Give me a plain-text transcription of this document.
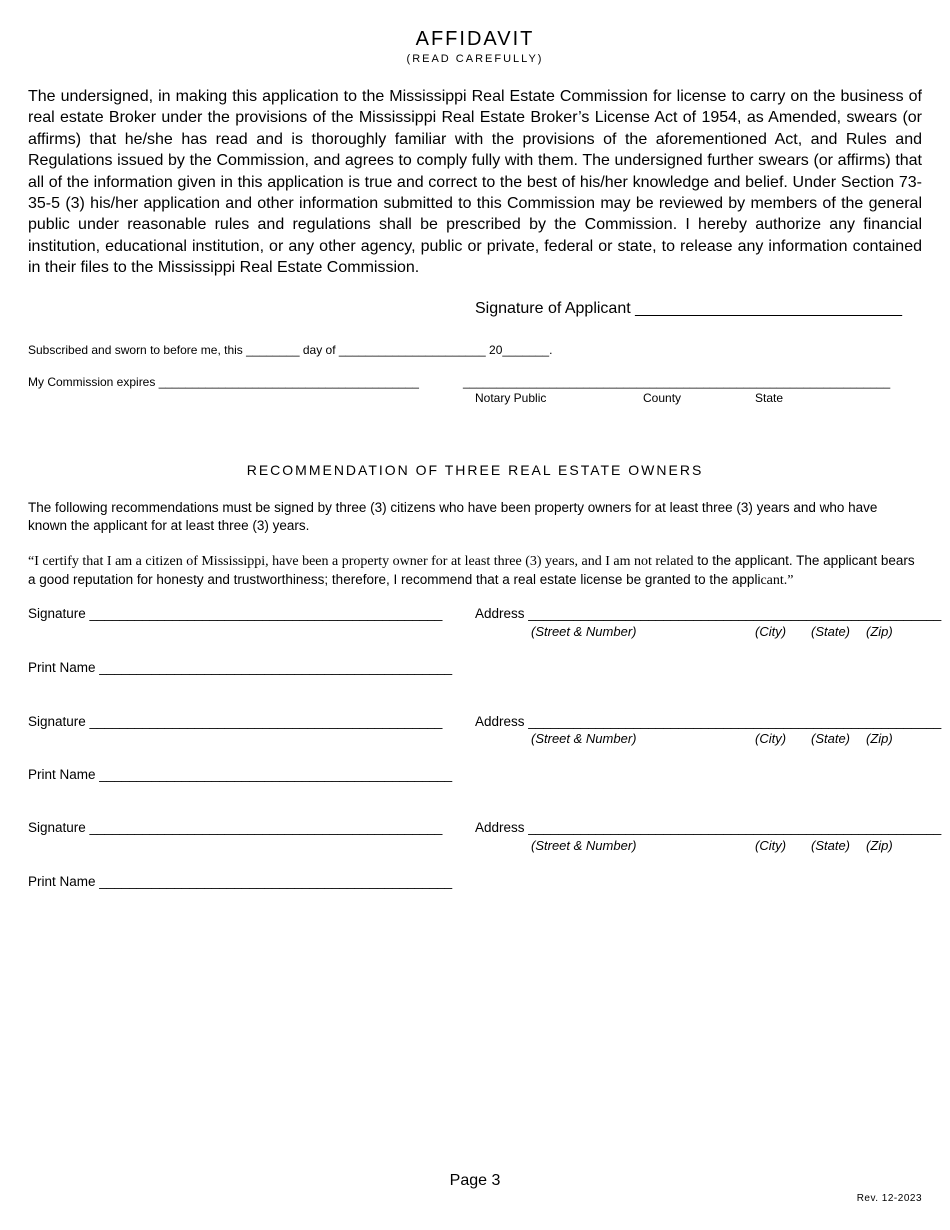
AFFIDAVIT
(READ CAREFULLY)
The undersigned, in making this application to the Mississippi Real Estate Commission for license to carry on the business of real estate Broker under the provisions of the Mississippi Real Estate Broker’s License Act of 1954, as Amended, swears (or affirms) that he/she has read and is thoroughly familiar with the provisions of the aforementioned Act, and Rules and Regulations issued by the Commission, and agrees to comply fully with them. The undersigned further swears (or affirms) that all of the information given in this application is true and correct to the best of his/her knowledge and belief. Under Section 73-35-5 (3) his/her application and other information submitted to this Commission may be reviewed by members of the general public under reasonable rules and regulations shall be prescribed by the Commission. I hereby authorize any financial institution, educational institution, or any other agency, public or private, federal or state, to release any information contained in their files to the Mississippi Real Estate Commission.
Signature of Applicant ______________________________
Subscribed and sworn to before me, this ________ day of ______________________ 20_______.
My Commission expires _______________________________________	________________________________________________________________
Notary Public	County	State
RECOMMENDATION OF THREE REAL ESTATE OWNERS
The following recommendations must be signed by three (3) citizens who have been property owners for at least three (3) years and who have known the applicant for at least three (3) years.
“I certify that I am a citizen of Mississippi, have been a property owner for at least three (3) years, and I am not related to the applicant. The applicant bears a good reputation for honesty and trustworthiness; therefore, I recommend that a real estate license be granted to the applicant.”
Signature _______________________________________________ Address _______________________________________________________
(Street & Number)	(City) (State) (Zip)
Print Name _______________________________________________
Signature _______________________________________________ Address _______________________________________________________
(Street & Number)	(City) (State) (Zip)
Print Name _______________________________________________
Signature _______________________________________________ Address _______________________________________________________
(Street & Number)	(City) (State) (Zip)
Print Name _______________________________________________
Page 3
Rev. 12-2023
